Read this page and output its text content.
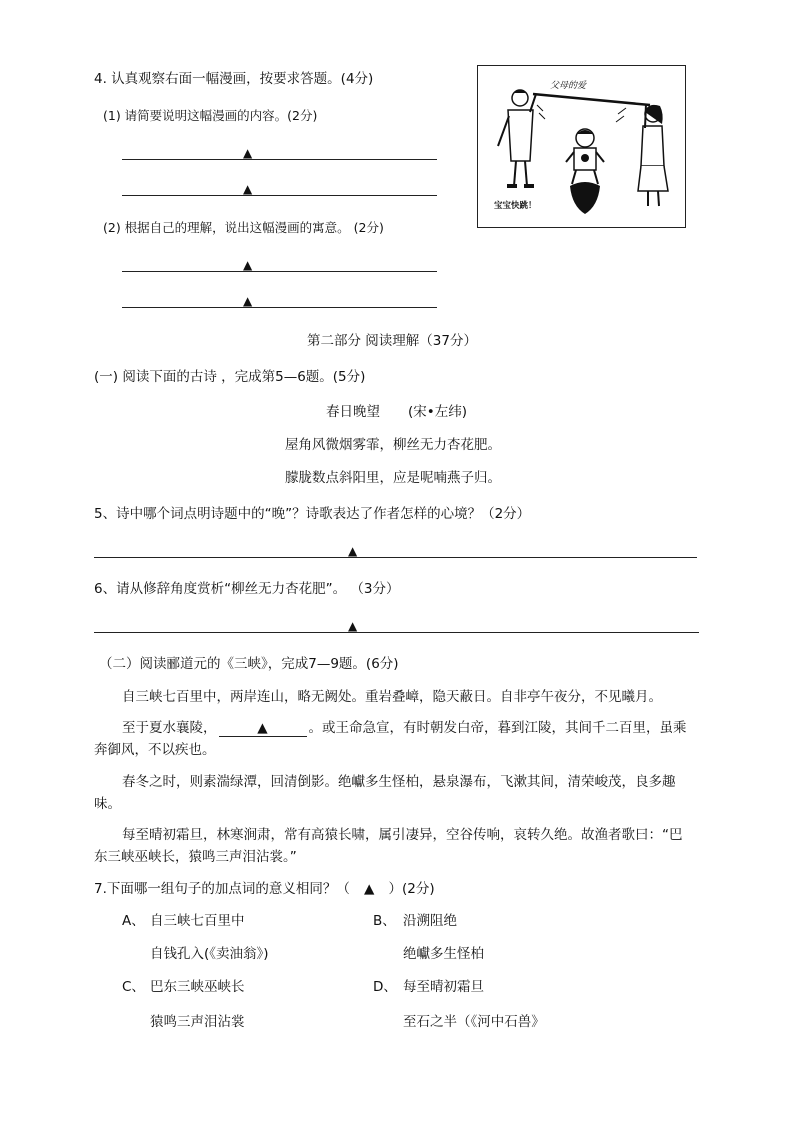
4. 认真观察右面一幅漫画，按要求答题。(4分)
(1) 请简要说明这幅漫画的内容。(2分)
▲
▲
(2) 根据自己的理解，说出这幅漫画的寓意。 (2分)
▲
▲
父母的爱
宝宝快跳！
第二部分 阅读理解（37分）
(一) 阅读下面的古诗 ，完成第5—6题。(5分)
春日晚望 (宋•左纬)
屋角风微烟雾霏，柳丝无力杏花肥。
朦胧数点斜阳里，应是呢喃燕子归。
5、诗中哪个词点明诗题中的“晚”？诗歌表达了作者怎样的心境？（2分）
▲
6、请从修辞角度赏析“柳丝无力杏花肥”。 （3分）
▲
（二）阅读郦道元的《三峡》，完成7—9题。(6分)
自三峡七百里中，两岸连山，略无阙处。重岩叠嶂，隐天蔽日。自非亭午夜分，不见曦月。
至于夏水襄陵，	▲	。或王命急宣，有时朝发白帝，暮到江陵，其间千二百里，虽乘
奔御风，不以疾也。
春冬之时，则素湍绿潭，回清倒影。绝巘多生怪柏，悬泉瀑布，飞漱其间，清荣峻茂，良多趣
味。
每至晴初霜旦，林寒涧肃，常有高猿长啸，属引凄异，空谷传响，哀转久绝。故渔者歌曰：“巴
东三峡巫峡长，猿鸣三声泪沾裳。”
7.下面哪一组句子的加点词的意义相同？（ ▲ ）(2分)
A、 自三峡七百里中
自钱孔入(《卖油翁》)
B、 沿溯阻绝
绝巘多生怪柏
C、 巴东三峡巫峡长
猿鸣三声泪沾裳
D、 每至晴初霜旦
至石之半（《河中石兽》
